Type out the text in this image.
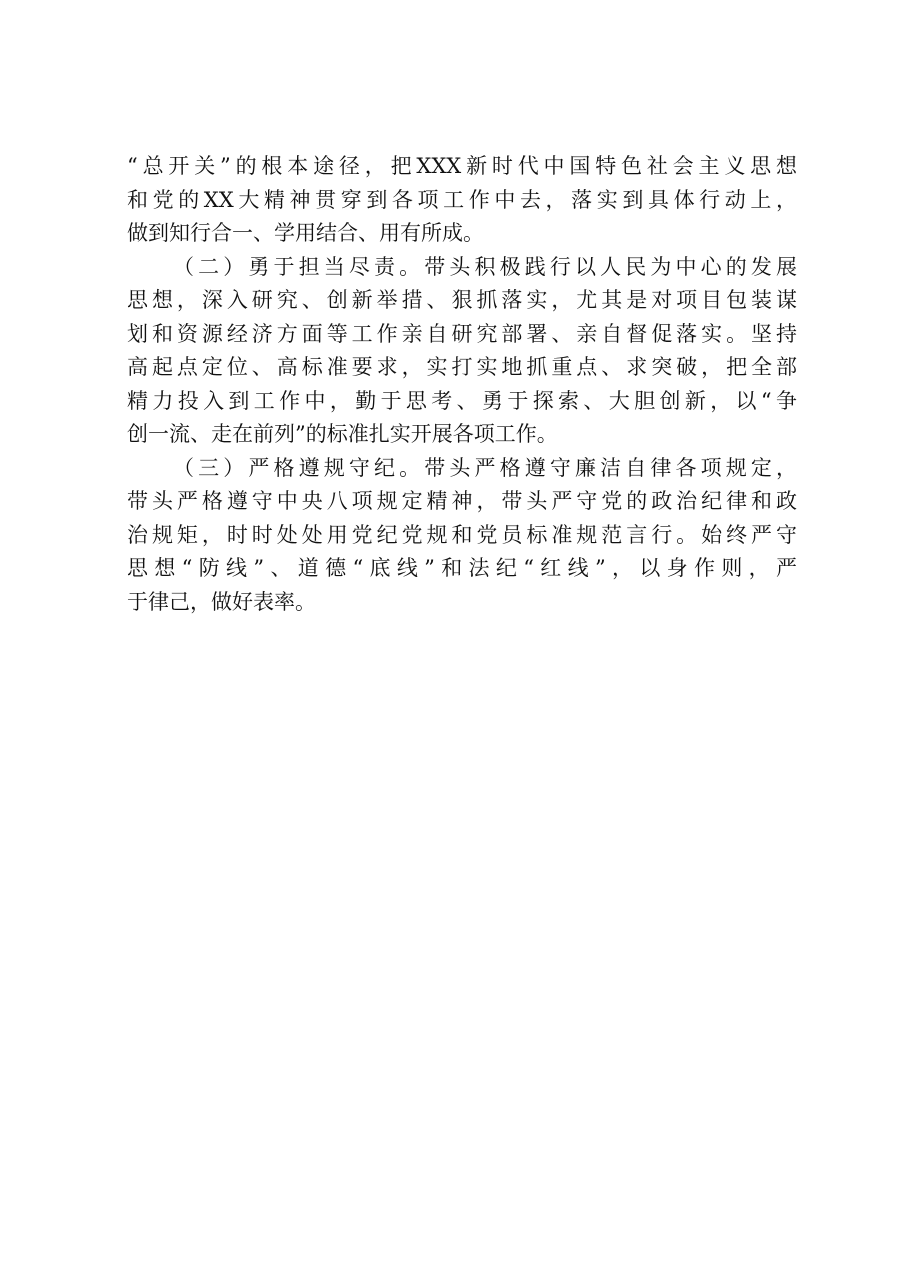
“总开关”的根本途径，把XXX新时代中国特色社会主义思想
和党的XX大精神贯穿到各项工作中去，落实到具体行动上，
做到知行合一、学用结合、用有所成。
（二）勇于担当尽责。带头积极践行以人民为中心的发展
思想，深入研究、创新举措、狠抓落实，尤其是对项目包装谋
划和资源经济方面等工作亲自研究部署、亲自督促落实。坚持
高起点定位、高标准要求，实打实地抓重点、求突破，把全部
精力投入到工作中，勤于思考、勇于探索、大胆创新，以“争
创一流、走在前列”的标准扎实开展各项工作。
（三）严格遵规守纪。带头严格遵守廉洁自律各项规定，
带头严格遵守中央八项规定精神，带头严守党的政治纪律和政
治规矩，时时处处用党纪党规和党员标准规范言行。始终严守
思想“防线”、道德“底线”和法纪“红线”，以身作则，严
于律己，做好表率。
